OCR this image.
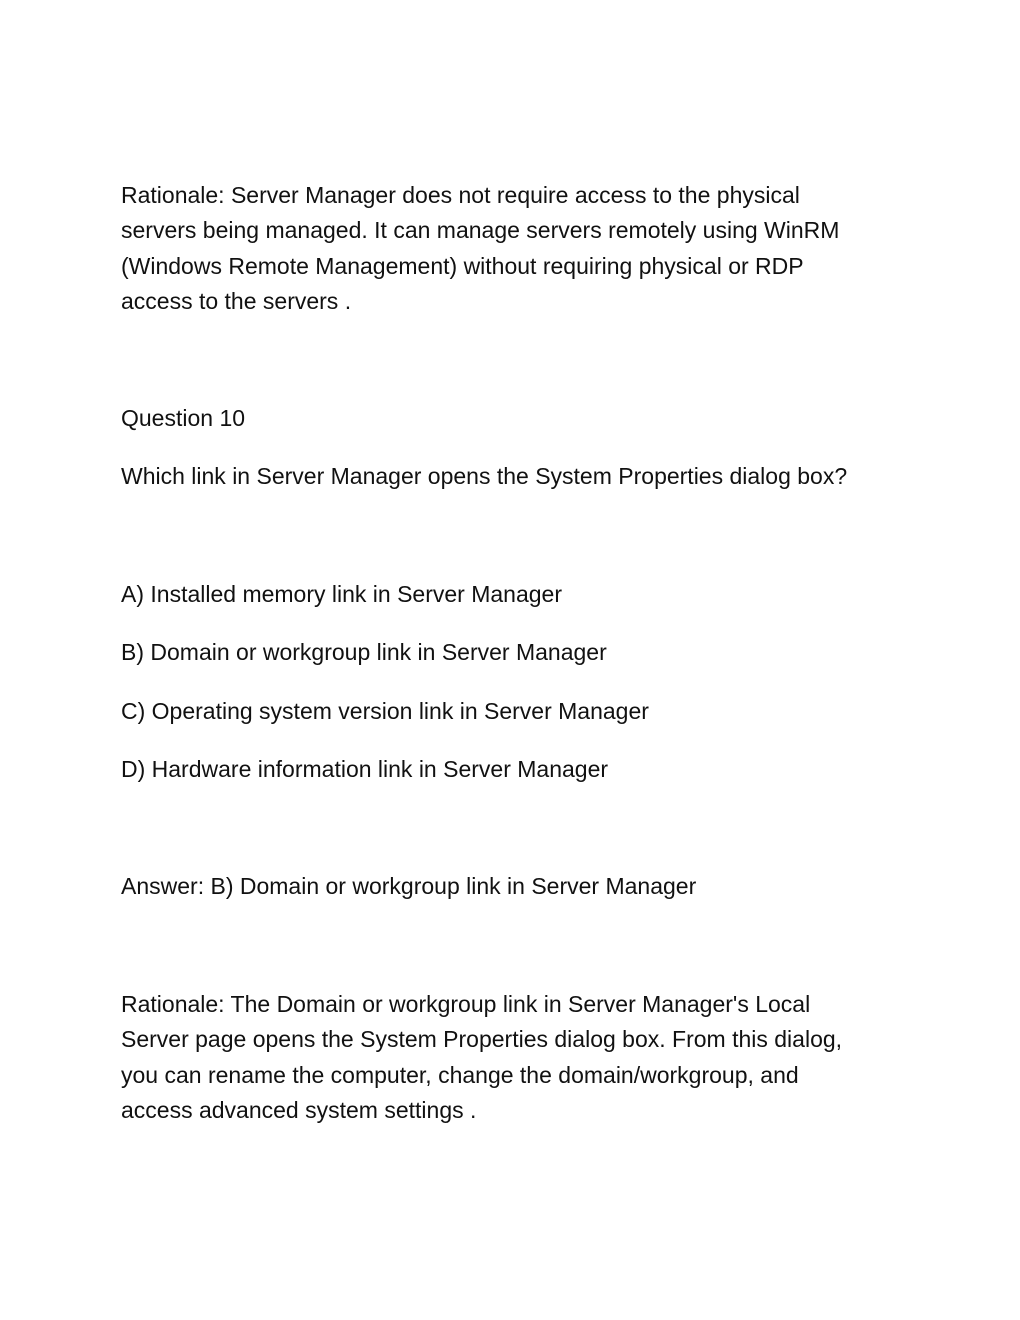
Rationale: Server Manager does not require access to the physical
servers being managed. It can manage servers remotely using WinRM
(Windows Remote Management) without requiring physical or RDP
access to the servers .

Question 10

Which link in Server Manager opens the System Properties dialog box?

A) Installed memory link in Server Manager

B) Domain or workgroup link in Server Manager

C) Operating system version link in Server Manager

D) Hardware information link in Server Manager

Answer: B) Domain or workgroup link in Server Manager

Rationale: The Domain or workgroup link in Server Manager's Local
Server page opens the System Properties dialog box. From this dialog,
you can rename the computer, change the domain/workgroup, and
access advanced system settings .
